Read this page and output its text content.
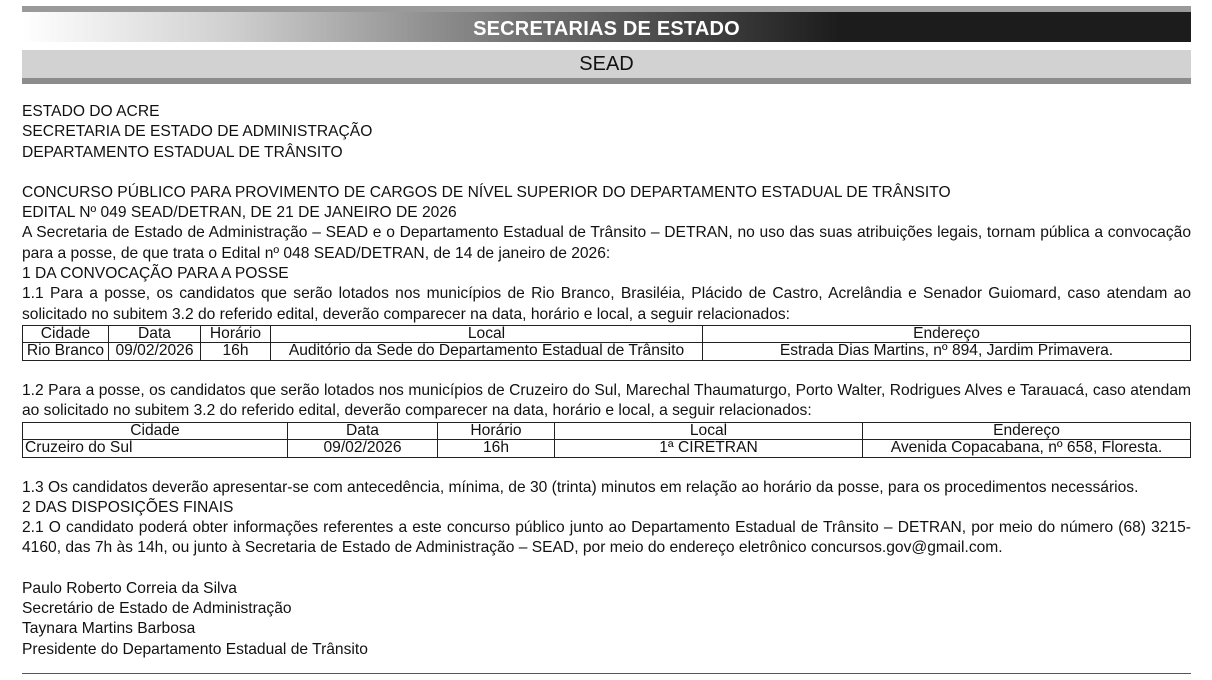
SECRETARIAS DE ESTADO
SEAD

ESTADO DO ACRE

SECRETARIA DE ESTADO DE ADMINISTRAÇÃO

DEPARTAMENTO ESTADUAL DE TRÂNSITO

CONCURSO PÚBLICO PARA PROVIMENTO DE CARGOS DE NÍVEL SUPERIOR DO DEPARTAMENTO ESTADUAL DE TRÂNSITO

EDITAL Nº 049 SEAD/DETRAN, DE 21 DE JANEIRO DE 2026

A Secretaria de Estado de Administração – SEAD e o Departamento Estadual de Trânsito – DETRAN, no uso das suas atribuições legais, tornam pública a convocação para a posse, de que trata o Edital nº 048 SEAD/DETRAN, de 14 de janeiro de 2026:

1 DA CONVOCAÇÃO PARA A POSSE

1.1 Para a posse, os candidatos que serão lotados nos municípios de Rio Branco, Brasiléia, Plácido de Castro, Acrelândia e Senador Guiomard, caso atendam ao solicitado no subitem 3.2 do referido edital, deverão comparecer na data, horário e local, a seguir relacionados:

Cidade	Data	Horário	Local	Endereço
Rio Branco	09/02/2026	16h	Auditório da Sede do Departamento Estadual de Trânsito	Estrada Dias Martins, nº 894, Jardim Primavera.

1.2 Para a posse, os candidatos que serão lotados nos municípios de Cruzeiro do Sul, Marechal Thaumaturgo, Porto Walter, Rodrigues Alves e Tarauacá, caso atendam ao solicitado no subitem 3.2 do referido edital, deverão comparecer na data, horário e local, a seguir relacionados:

Cidade	Data	Horário	Local	Endereço
Cruzeiro do Sul	09/02/2026	16h	1ª CIRETRAN	Avenida Copacabana, nº 658, Floresta.

1.3 Os candidatos deverão apresentar-se com antecedência, mínima, de 30 (trinta) minutos em relação ao horário da posse, para os procedimentos necessários.

2 DAS DISPOSIÇÕES FINAIS

2.1 O candidato poderá obter informações referentes a este concurso público junto ao Departamento Estadual de Trânsito – DETRAN, por meio do número (68) 3215-4160, das 7h às 14h, ou junto à Secretaria de Estado de Administração – SEAD, por meio do endereço eletrônico concursos.gov@gmail.com.

Paulo Roberto Correia da Silva

Secretário de Estado de Administração

Taynara Martins Barbosa

Presidente do Departamento Estadual de Trânsito
